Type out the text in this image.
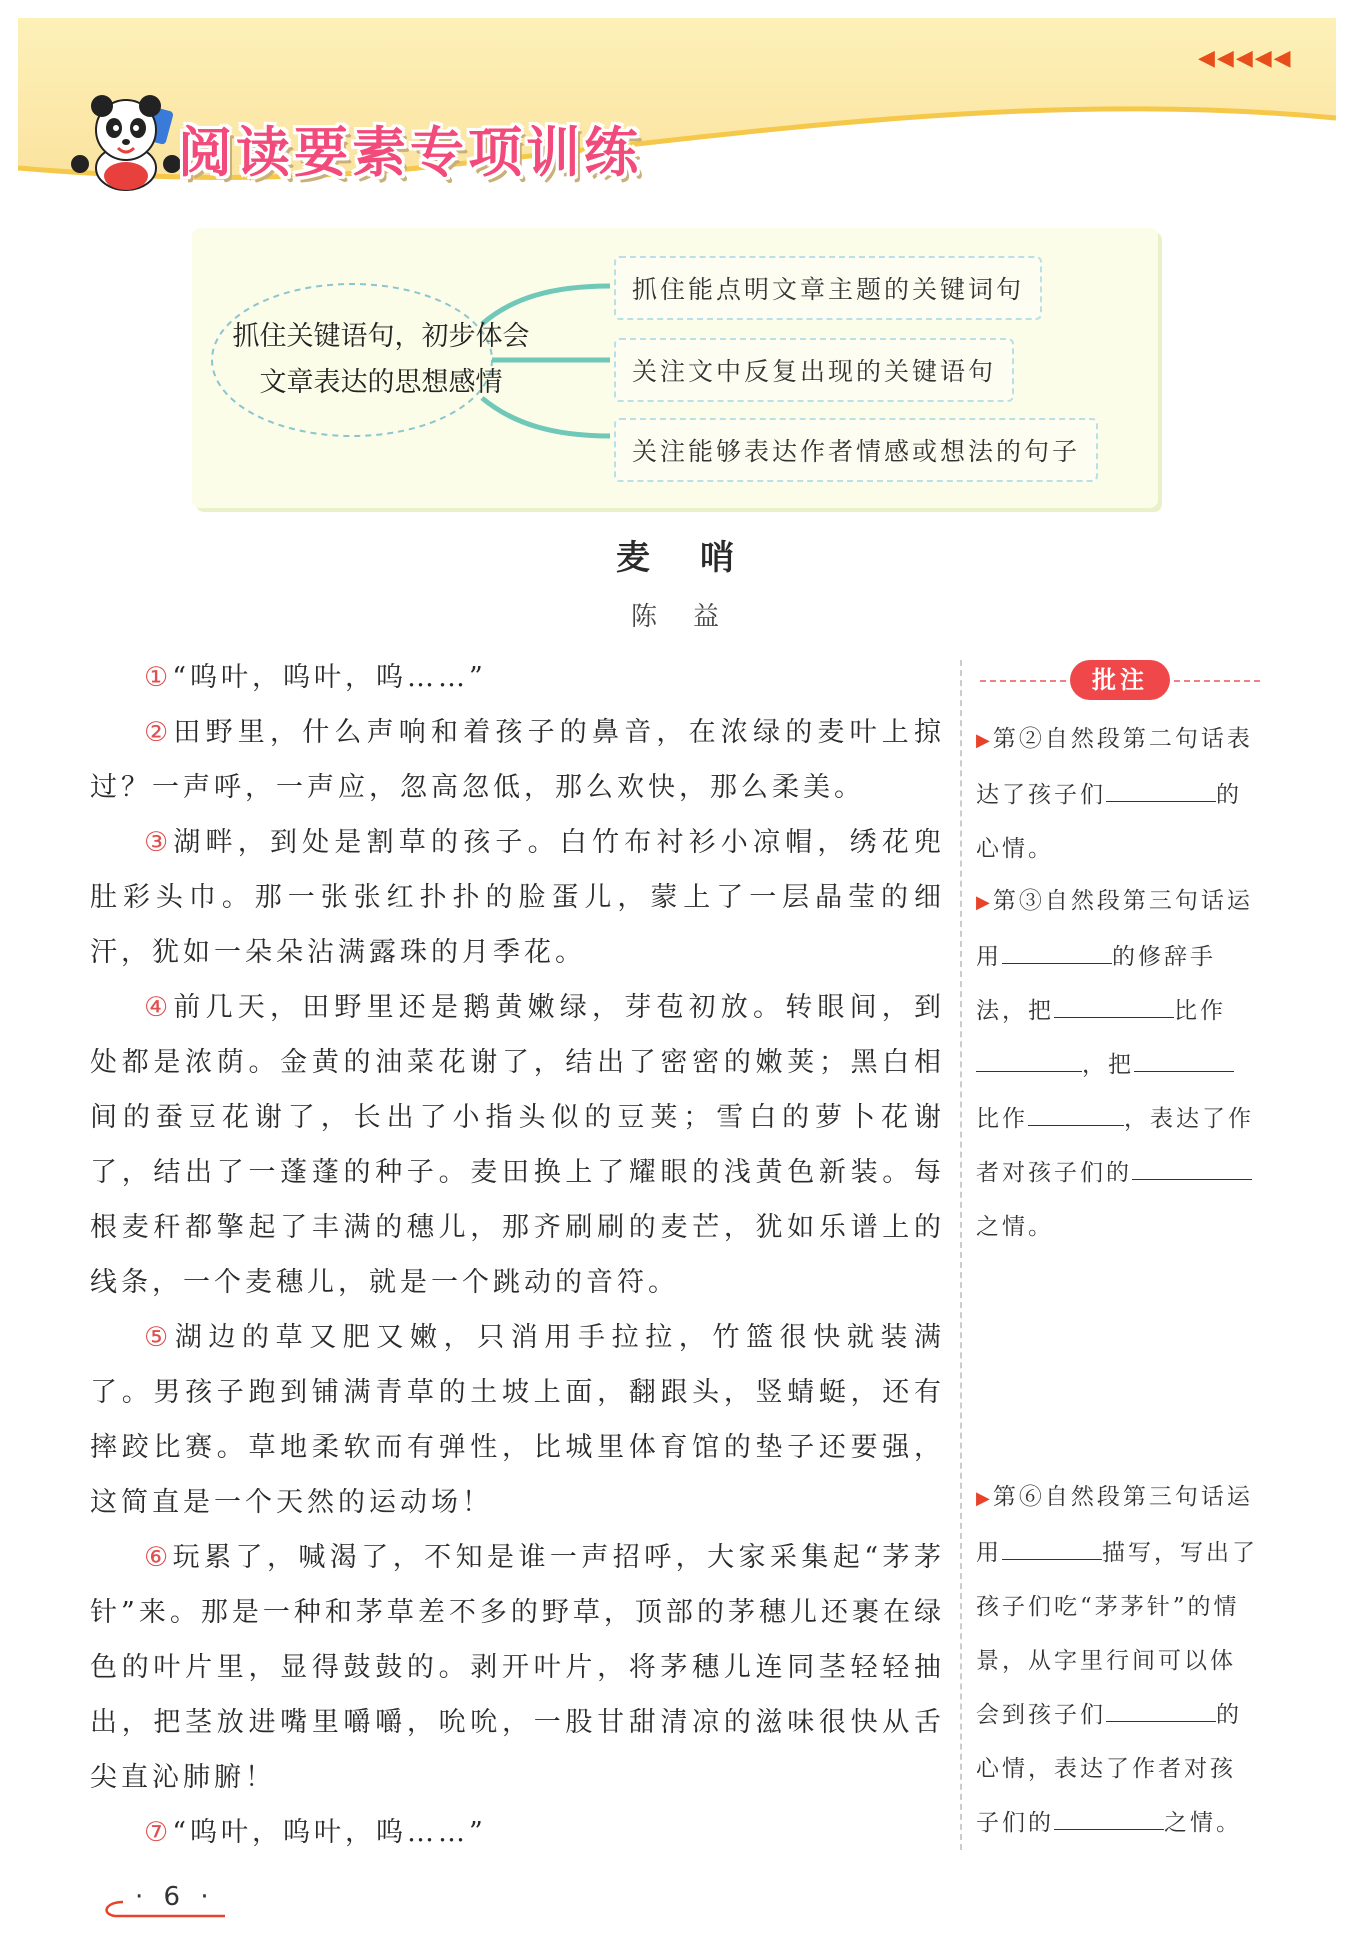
◀◀◀◀◀
阅读要素专项训练
抓住关键语句，初步体会文章表达的思想感情
抓住能点明文章主题的关键词句
关注文中反复出现的关键语句
关注能够表达作者情感或想法的句子
麦哨
陈益

①“呜叶，呜叶，呜……”

②田野里，什么声响和着孩子的鼻音，在浓绿的麦叶上掠过？一声呼，一声应，忽高忽低，那么欢快，那么柔美。

③湖畔，到处是割草的孩子。白竹布衬衫小凉帽，绣花兜肚彩头巾。那一张张红扑扑的脸蛋儿，蒙上了一层晶莹的细汗，犹如一朵朵沾满露珠的月季花。

④前几天，田野里还是鹅黄嫩绿，芽苞初放。转眼间，到处都是浓荫。金黄的油菜花谢了，结出了密密的嫩荚；黑白相间的蚕豆花谢了，长出了小指头似的豆荚；雪白的萝卜花谢了，结出了一蓬蓬的种子。麦田换上了耀眼的浅黄色新装。每根麦秆都擎起了丰满的穗儿，那齐刷刷的麦芒，犹如乐谱上的线条，一个麦穗儿，就是一个跳动的音符。

⑤湖边的草又肥又嫩，只消用手拉拉，竹篮很快就装满了。男孩子跑到铺满青草的土坡上面，翻跟头，竖蜻蜓，还有摔跤比赛。草地柔软而有弹性，比城里体育馆的垫子还要强，这简直是一个天然的运动场！

⑥玩累了，喊渴了，不知是谁一声招呼，大家采集起“茅茅针”来。那是一种和茅草差不多的野草，顶部的茅穗儿还裹在绿色的叶片里，显得鼓鼓的。剥开叶片，将茅穗儿连同茎轻轻抽出，把茎放进嘴里嚼嚼，吮吮，一股甘甜清凉的滋味很快从舌尖直沁肺腑！

⑦“呜叶，呜叶，呜……”

批注
▶第②自然段第二句话表达了孩子们	的心情。
▶第③自然段第三句话运用	的修辞手法，把	比作，把比作	，表达了作者对孩子们的之情。
▶第⑥自然段第三句话运用	描写，写出了孩子们吃“茅茅针”的情景，从字里行间可以体会到孩子们	的心情，表达了作者对孩子们的	之情。
· 6 ·
